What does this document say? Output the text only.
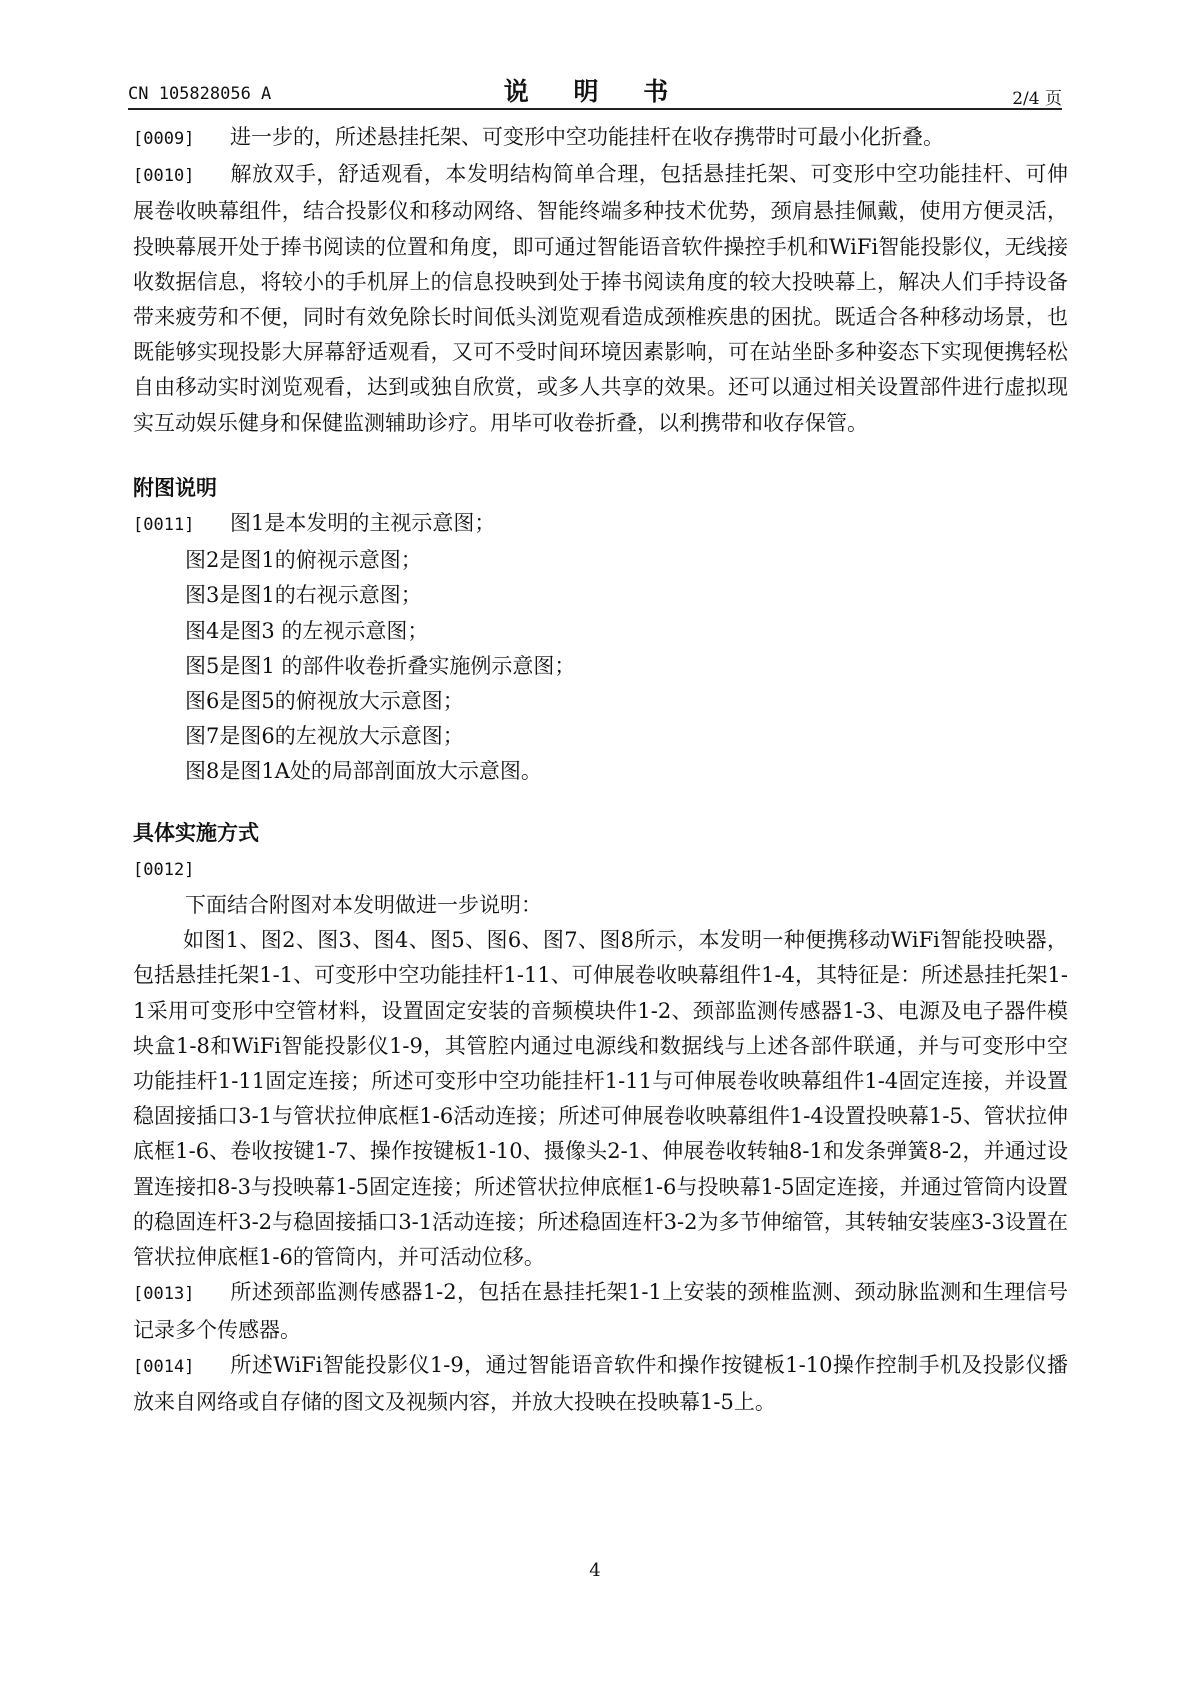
CN 105828056 A	说 明 书	2/4 页

[0009] 进一步的，所述悬挂托架、可变形中空功能挂杆在收存携带时可最小化折叠。

[0010] 解放双手，舒适观看，本发明结构简单合理，包括悬挂托架、可变形中空功能挂杆、可伸展卷收映幕组件，结合投影仪和移动网络、智能终端多种技术优势，颈肩悬挂佩戴，使用方便灵活，投映幕展开处于捧书阅读的位置和角度，即可通过智能语音软件操控手机和WiFi智能投影仪，无线接收数据信息，将较小的手机屏上的信息投映到处于捧书阅读角度的较大投映幕上，解决人们手持设备带来疲劳和不便，同时有效免除长时间低头浏览观看造成颈椎疾患的困扰。既适合各种移动场景，也既能够实现投影大屏幕舒适观看，又可不受时间环境因素影响，可在站坐卧多种姿态下实现便携轻松自由移动实时浏览观看，达到或独自欣赏，或多人共享的效果。还可以通过相关设置部件进行虚拟现实互动娱乐健身和保健监测辅助诊疗。用毕可收卷折叠，以利携带和收存保管。

附图说明

[0011] 图1是本发明的主视示意图；

图2是图1的俯视示意图；
图3是图1的右视示意图；
图4是图3 的左视示意图；
图5是图1 的部件收卷折叠实施例示意图；
图6是图5的俯视放大示意图；
图7是图6的左视放大示意图；
图8是图1A处的局部剖面放大示意图。
具体实施方式
[0012]
下面结合附图对本发明做进一步说明：

如图1、图2、图3、图4、图5、图6、图7、图8所示，本发明一种便携移动WiFi智能投映器，包括悬挂托架1-1、可变形中空功能挂杆1-11、可伸展卷收映幕组件1-4，其特征是：所述悬挂托架1-1采用可变形中空管材料，设置固定安装的音频模块件1-2、颈部监测传感器1-3、电源及电子器件模块盒1-8和WiFi智能投影仪1-9，其管腔内通过电源线和数据线与上述各部件联通，并与可变形中空功能挂杆1-11固定连接；所述可变形中空功能挂杆1-11与可伸展卷收映幕组件1-4固定连接，并设置稳固接插口3-1与管状拉伸底框1-6活动连接；所述可伸展卷收映幕组件1-4设置投映幕1-5、管状拉伸底框1-6、卷收按键1-7、操作按键板1-10、摄像头2-1、伸展卷收转轴8-1和发条弹簧8-2，并通过设置连接扣8-3与投映幕1-5固定连接；所述管状拉伸底框1-6与投映幕1-5固定连接，并通过管筒内设置的稳固连杆3-2与稳固接插口3-1活动连接；所述稳固连杆3-2为多节伸缩管，其转轴安装座3-3设置在管状拉伸底框1-6的管筒内，并可活动位移。

[0013] 所述颈部监测传感器1-2，包括在悬挂托架1-1上安装的颈椎监测、颈动脉监测和生理信号记录多个传感器。

[0014] 所述WiFi智能投影仪1-9，通过智能语音软件和操作按键板1-10操作控制手机及投影仪播放来自网络或自存储的图文及视频内容，并放大投映在投映幕1-5上。

4
